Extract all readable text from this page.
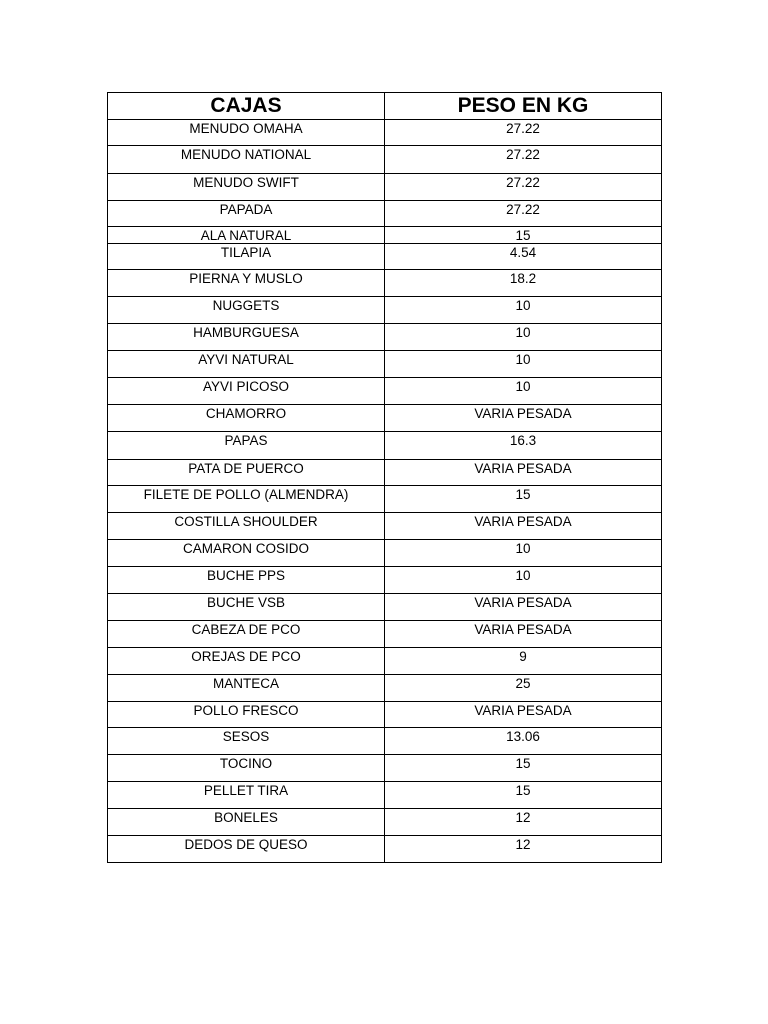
CAJAS	PESO EN KG
MENUDO OMAHA	27.22
MENUDO NATIONAL	27.22
MENUDO SWIFT	27.22
PAPADA	27.22
ALA NATURAL	15
TILAPIA	4.54
PIERNA Y MUSLO	18.2
NUGGETS	10
HAMBURGUESA	10
AYVI NATURAL	10
AYVI PICOSO	10
CHAMORRO	VARIA PESADA
PAPAS	16.3
PATA DE PUERCO	VARIA PESADA
FILETE DE POLLO (ALMENDRA)	15
COSTILLA SHOULDER	VARIA PESADA
CAMARON COSIDO	10
BUCHE PPS	10
BUCHE VSB	VARIA PESADA
CABEZA DE PCO	VARIA PESADA
OREJAS DE PCO	9
MANTECA	25
POLLO FRESCO	VARIA PESADA
SESOS	13.06
TOCINO	15
PELLET TIRA	15
BONELES	12
DEDOS DE QUESO	12
